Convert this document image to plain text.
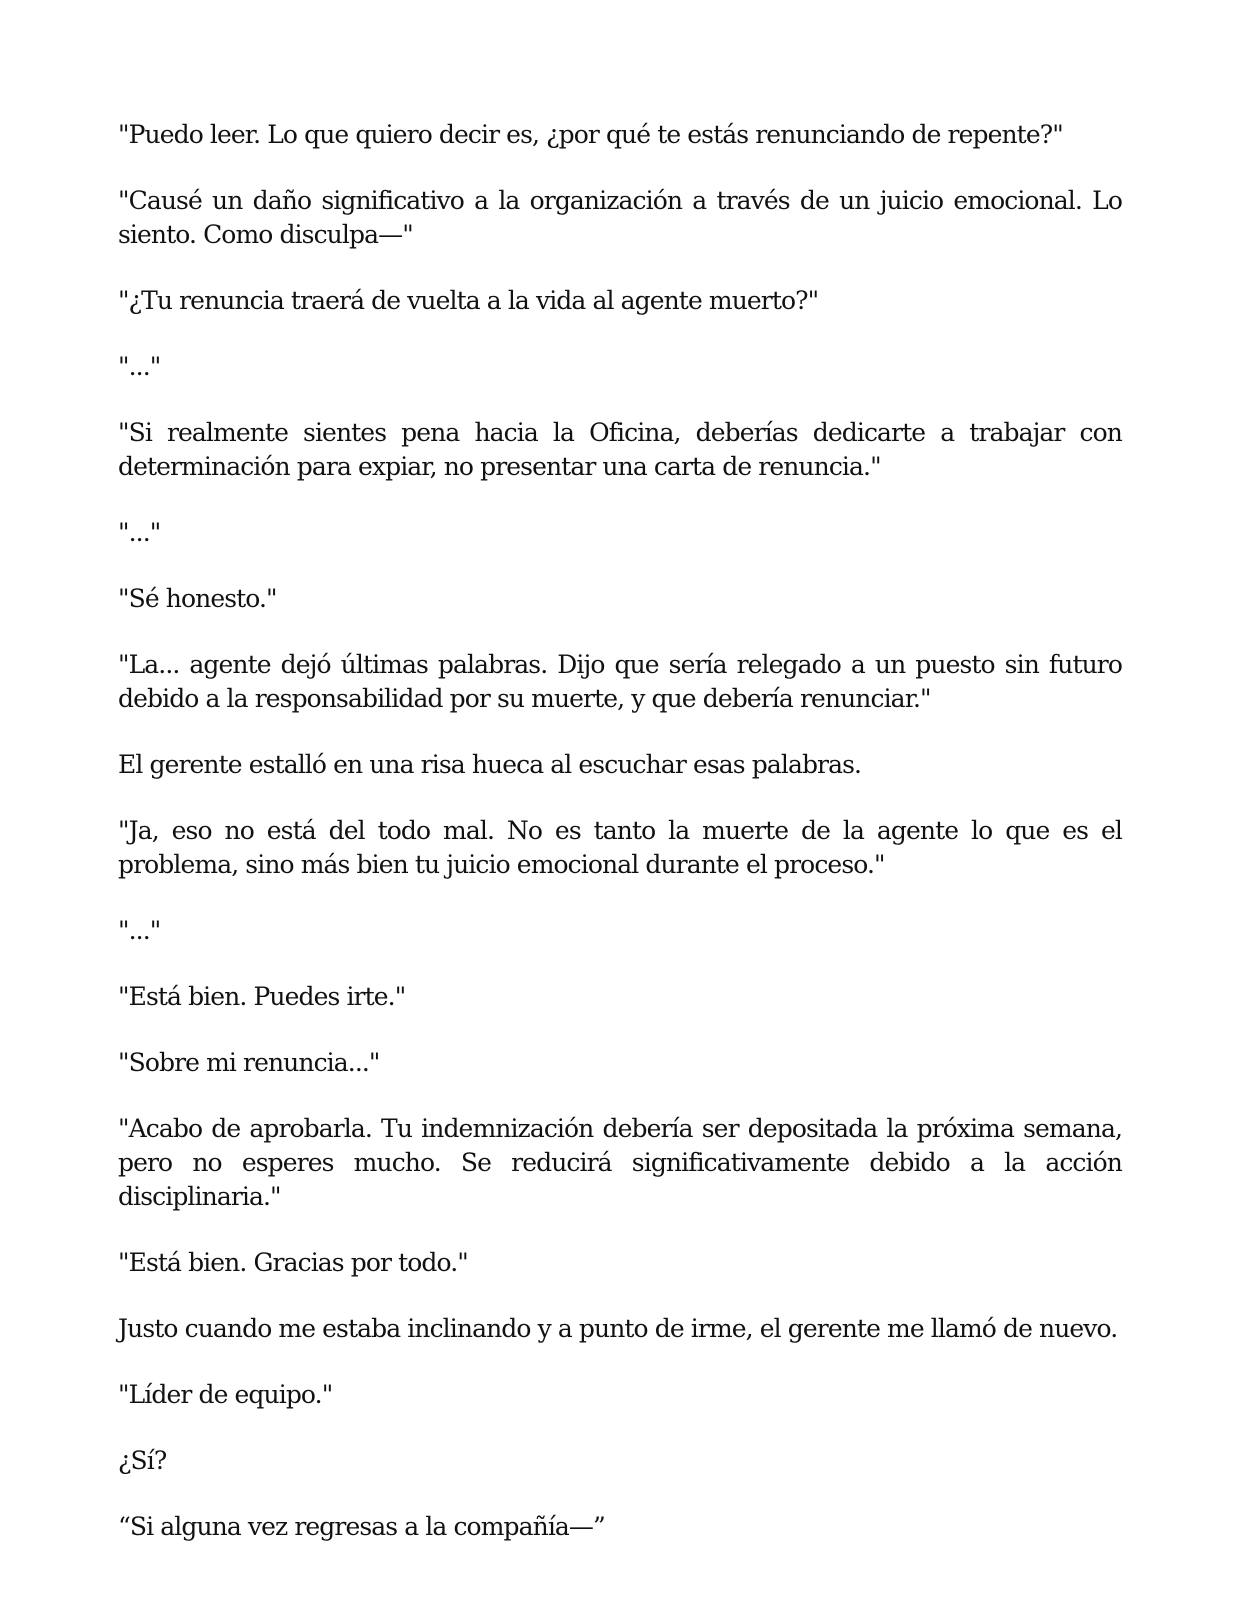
"Puedo leer. Lo que quiero decir es, ¿por qué te estás renunciando de repente?"

"Causé un daño significativo a la organización a través de un juicio emocional. Lo siento. Como disculpa—"

"¿Tu renuncia traerá de vuelta a la vida al agente muerto?"

"..."

"Si realmente sientes pena hacia la Oficina, deberías dedicarte a trabajar con determinación para expiar, no presentar una carta de renuncia."

"..."

"Sé honesto."

"La... agente dejó últimas palabras. Dijo que sería relegado a un puesto sin futuro debido a la responsabilidad por su muerte, y que debería renunciar."

El gerente estalló en una risa hueca al escuchar esas palabras.

"Ja, eso no está del todo mal. No es tanto la muerte de la agente lo que es el problema, sino más bien tu juicio emocional durante el proceso."

"..."

"Está bien. Puedes irte."

"Sobre mi renuncia..."

"Acabo de aprobarla. Tu indemnización debería ser depositada la próxima semana, pero no esperes mucho. Se reducirá significativamente debido a la acción disciplinaria."

"Está bien. Gracias por todo."

Justo cuando me estaba inclinando y a punto de irme, el gerente me llamó de nuevo.

"Líder de equipo."

¿Sí?

“Si alguna vez regresas a la compañía—”
